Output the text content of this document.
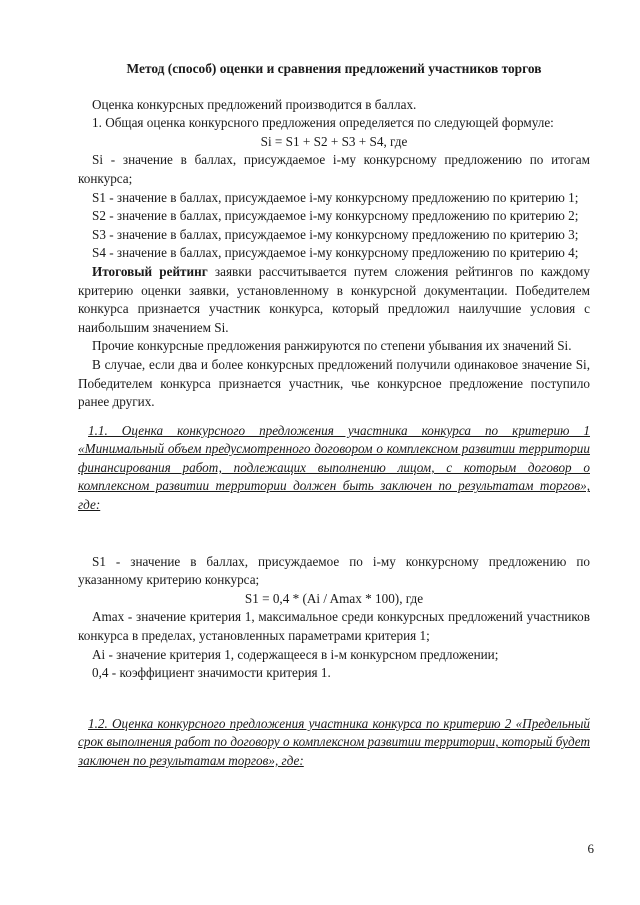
Метод (способ) оценки и сравнения предложений участников торгов

Оценка конкурсных предложений производится в баллах.

1. Общая оценка конкурсного предложения определяется по следующей формуле:

Si = S1 + S2 + S3 + S4, где

Si - значение в баллах, присуждаемое i-му конкурсному предложению по итогам конкурса;

S1 - значение в баллах, присуждаемое i-му конкурсному предложению по критерию 1;

S2 - значение в баллах, присуждаемое i-му конкурсному предложению по критерию 2;

S3 - значение в баллах, присуждаемое i-му конкурсному предложению по критерию 3;

S4 - значение в баллах, присуждаемое i-му конкурсному предложению по критерию 4;

Итоговый рейтинг заявки рассчитывается путем сложения рейтингов по каждому критерию оценки заявки, установленному в конкурсной документации. Победителем конкурса признается участник конкурса, который предложил наилучшие условия с наибольшим значением Si.

Прочие конкурсные предложения ранжируются по степени убывания их значений Si.

В случае, если два и более конкурсных предложений получили одинаковое значение Si, Победителем конкурса признается участник, чье конкурсное предложение поступило ранее других.

1.1. Оценка конкурсного предложения участника конкурса по критерию 1 «Минимальный объем предусмотренного договором о комплексном развитии территории финансирования работ, подлежащих выполнению лицом, с которым договор о комплексном развитии территории должен быть заключен по результатам торгов», где:

S1 - значение в баллах, присуждаемое по i-му конкурсному предложению по указанному критерию конкурса;

S1 = 0,4 * (Ai / Amax * 100), где

Amax - значение критерия 1, максимальное среди конкурсных предложений участников конкурса в пределах, установленных параметрами критерия 1;

Ai - значение критерия 1, содержащееся в i-м конкурсном предложении;

0,4 - коэффициент значимости критерия 1.

1.2. Оценка конкурсного предложения участника конкурса по критерию 2 «Предельный срок выполнения работ по договору о комплексном развитии территории, который будет заключен по результатам торгов», где:

6
